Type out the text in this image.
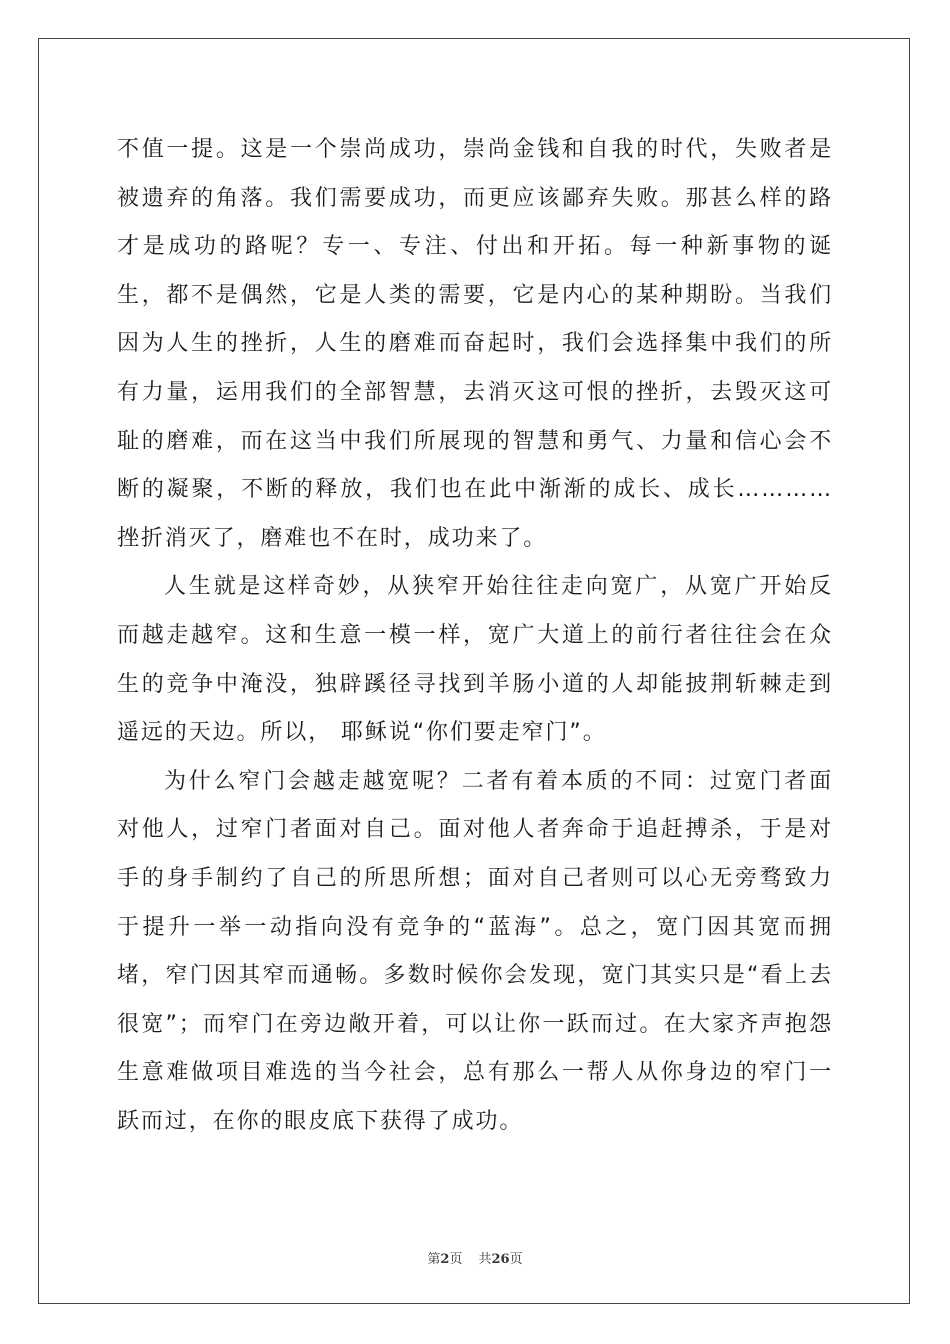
不值一提。这是一个崇尚成功，崇尚金钱和自我的时代，失败者是被遗弃的角落。我们需要成功，而更应该鄙弃失败。那甚么样的路才是成功的路呢？专一、专注、付出和开拓。每一种新事物的诞生，都不是偶然，它是人类的需要，它是内心的某种期盼。当我们因为人生的挫折，人生的磨难而奋起时，我们会选择集中我们的所有力量，运用我们的全部智慧，去消灭这可恨的挫折，去毁灭这可耻的磨难，而在这当中我们所展现的智慧和勇气、力量和信心会不断的凝聚，不断的释放，我们也在此中渐渐的成长、成长…………挫折消灭了，磨难也不在时，成功来了。

人生就是这样奇妙，从狭窄开始往往走向宽广，从宽广开始反而越走越窄。这和生意一模一样，宽广大道上的前行者往往会在众生的竞争中淹没，独辟蹊径寻找到羊肠小道的人却能披荆斩棘走到遥远的天边。所以， 耶稣说“你们要走窄门”。

为什么窄门会越走越宽呢？二者有着本质的不同：过宽门者面对他人，过窄门者面对自己。面对他人者奔命于追赶搏杀，于是对手的身手制约了自己的所思所想；面对自己者则可以心无旁骛致力于提升一举一动指向没有竞争的“蓝海”。总之，宽门因其宽而拥堵，窄门因其窄而通畅。多数时候你会发现，宽门其实只是“看上去很宽”；而窄门在旁边敞开着，可以让你一跃而过。在大家齐声抱怨生意难做项目难选的当今社会，总有那么一帮人从你身边的窄门一跃而过，在你的眼皮底下获得了成功。

第2页 共26页
